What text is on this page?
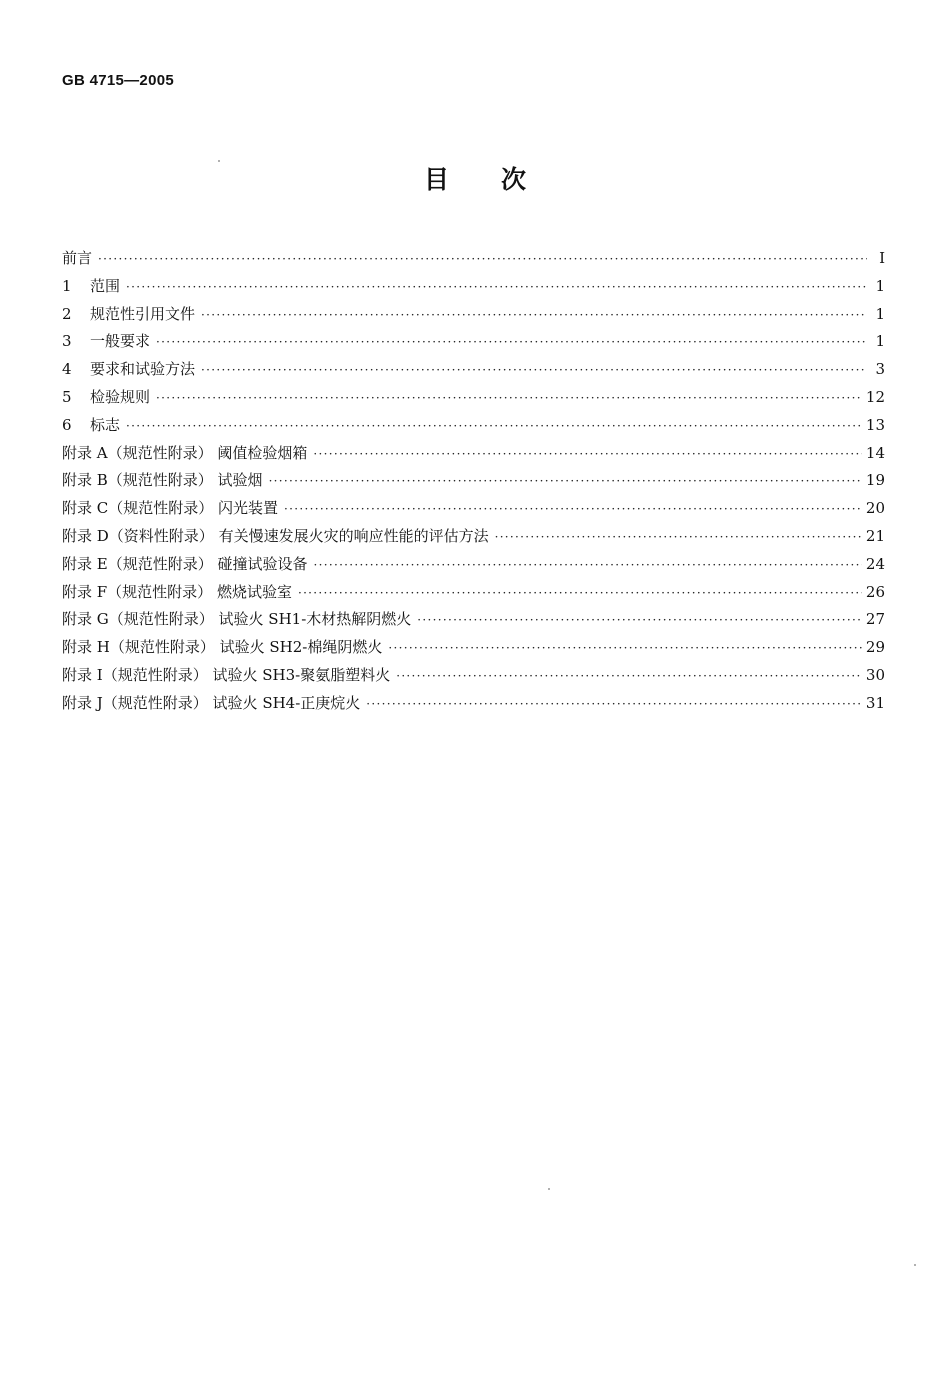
GB 4715—2005
目次
前言 ·····	I
1	范围 ·····	1
2	规范性引用文件 ·····	1
3	一般要求 ·····	1
4	要求和试验方法 ·····	3
5	检验规则 ·····	12
6	标志 ·····	13
附录 A（规范性附录） 阈值检验烟箱 ·····	14
附录 B（规范性附录） 试验烟 ·····	19
附录 C（规范性附录） 闪光装置 ·····	20
附录 D（资料性附录） 有关慢速发展火灾的响应性能的评估方法 ·····	21
附录 E（规范性附录） 碰撞试验设备 ·····	24
附录 F（规范性附录） 燃烧试验室 ·····	26
附录 G（规范性附录） 试验火 SH1-木材热解阴燃火 ·····	27
附录 H（规范性附录） 试验火 SH2-棉绳阴燃火 ·····	29
附录 I（规范性附录） 试验火 SH3-聚氨脂塑料火 ·····	30
附录 J（规范性附录） 试验火 SH4-正庚烷火 ·····	31
